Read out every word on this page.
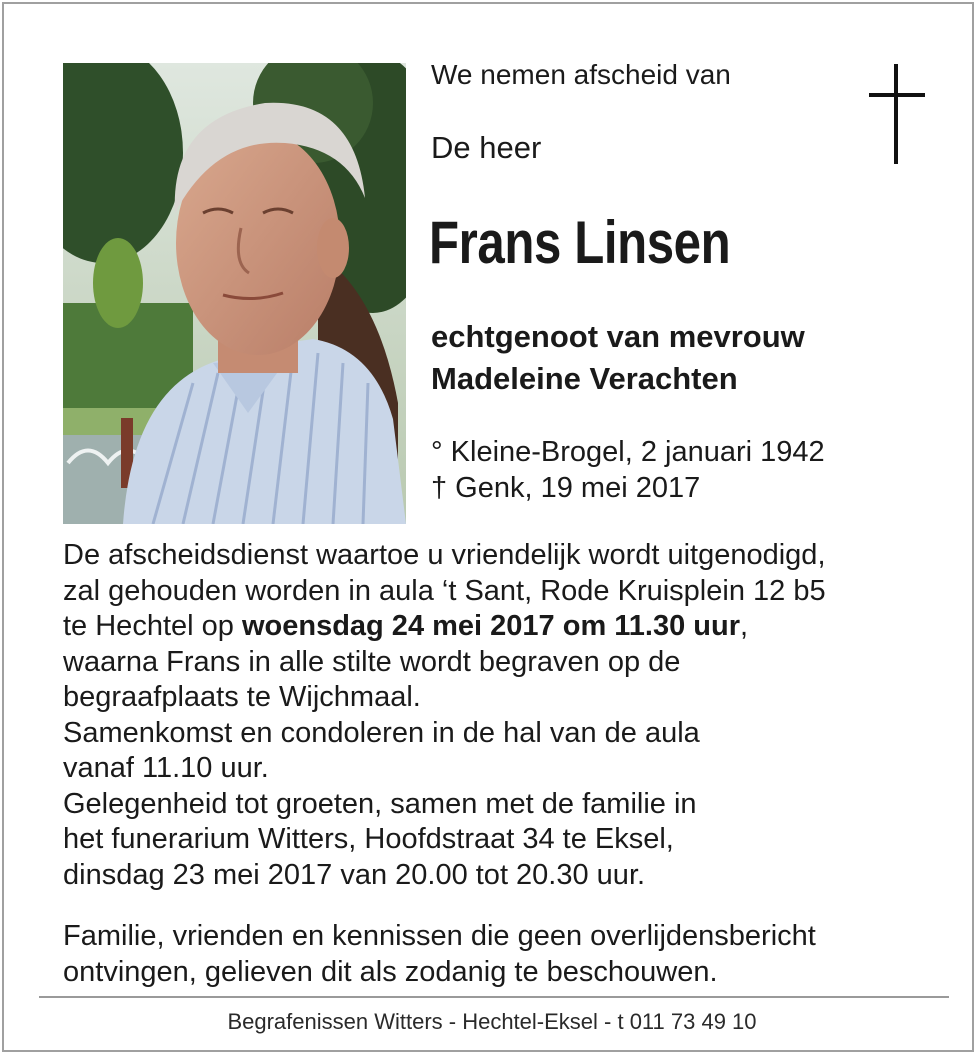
We nemen afscheid van

De heer

Frans Linsen
echtgenoot van mevrouw
Madeleine Verachten
° Kleine-Brogel, 2 januari 1942
† Genk, 19 mei 2017
De afscheidsdienst waartoe u vriendelijk wordt uitgenodigd,
zal gehouden worden in aula ‘t Sant, Rode Kruisplein 12 b5
te Hechtel op woensdag 24 mei 2017 om 11.30 uur,
waarna Frans in alle stilte wordt begraven op de
begraafplaats te Wijchmaal.
Samenkomst en condoleren in de hal van de aula
vanaf 11.10 uur.
Gelegenheid tot groeten, samen met de familie in
het funerarium Witters, Hoofdstraat 34 te Eksel,
dinsdag 23 mei 2017 van 20.00 tot 20.30 uur.
Familie, vrienden en kennissen die geen overlijdensbericht
ontvingen, gelieven dit als zodanig te beschouwen.
Begrafenissen Witters - Hechtel-Eksel - t 011 73 49 10
